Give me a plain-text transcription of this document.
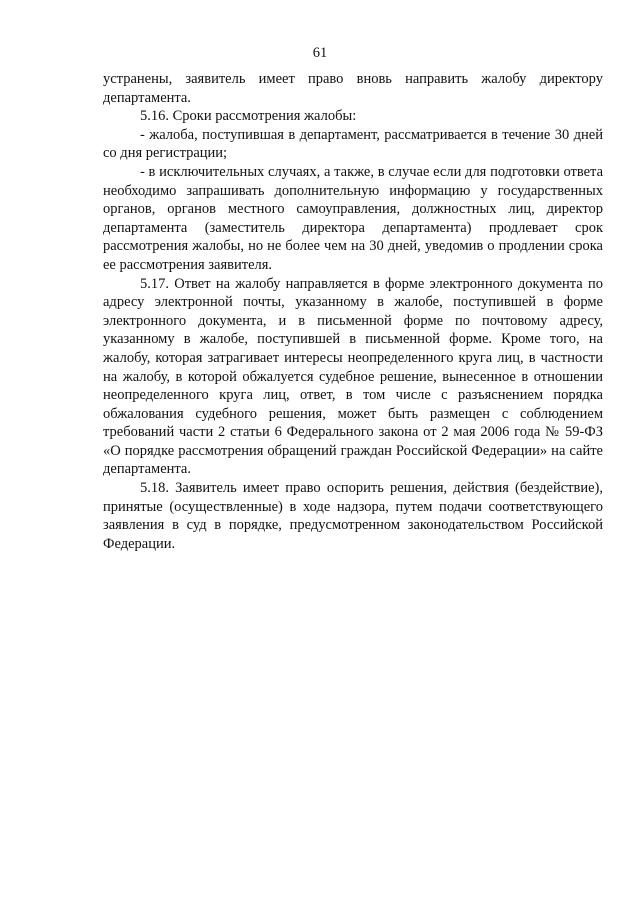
61

устранены, заявитель имеет право вновь направить жалобу директору департамента.

5.16. Сроки рассмотрения жалобы:

- жалоба, поступившая в департамент, рассматривается в течение 30 дней со дня регистрации;

- в исключительных случаях, а также, в случае если для подготовки ответа необходимо запрашивать дополнительную информацию у государственных органов, органов местного самоуправления, должностных лиц, директор департамента (заместитель директора департамента) продлевает срок рассмотрения жалобы, но не более чем на 30 дней, уведомив о продлении срока ее рассмотрения заявителя.

5.17. Ответ на жалобу направляется в форме электронного документа по адресу электронной почты, указанному в жалобе, поступившей в форме электронного документа, и в письменной форме по почтовому адресу, указанному в жалобе, поступившей в письменной форме. Кроме того, на жалобу, которая затрагивает интересы неопределенного круга лиц, в частности на жалобу, в которой обжалуется судебное решение, вынесенное в отношении неопределенного круга лиц, ответ, в том числе с разъяснением порядка обжалования судебного решения, может быть размещен с соблюдением требований части 2 статьи 6 Федерального закона от 2 мая 2006 года № 59-ФЗ «О порядке рассмотрения обращений граждан Российской Федерации» на сайте департамента.

5.18. Заявитель имеет право оспорить решения, действия (бездействие), принятые (осуществленные) в ходе надзора, путем подачи соответствующего заявления в суд в порядке, предусмотренном законодательством Российской Федерации.
